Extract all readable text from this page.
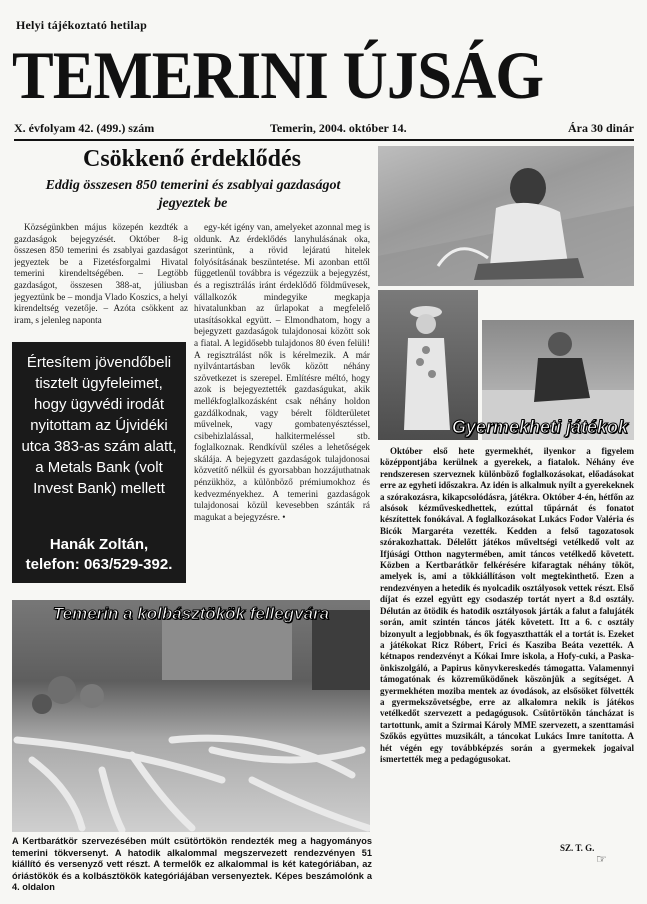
Helyi tájékoztató hetilap
TEMERINI ÚJSÁG
X. évfolyam 42. (499.) szám	Temerin, 2004. október 14.	Ára 30 dinár
Csökkenő érdeklődés
Eddig összesen 850 temerini és zsablyai gazdaságot jegyeztek be

Községünkben május közepén kezdték a gazdaságok bejegyzését. Október 8-ig összesen 850 temerini és zsablyai gazdaságot jegyeztek be a Fizetésforgalmi Hivatal temerini kirendeltségében. – Legtöbb gazdaságot, összesen 388-at, júliusban jegyeztünk be – mondja Vlado Koszics, a helyi kirendeltség vezetője. – Azóta csökkent az iram, s jelenleg naponta

egy-két igény van, amelyeket azonnal meg is oldunk. Az érdeklődés lanyhulásának oka, szerintünk, a rövid lejáratú hitelek folyósításának beszüntetése. Mi azonban ettől függetlenül továbbra is végezzük a bejegyzést, és a regisztrálás iránt érdeklődő földművesek, vállalkozók mindegyike megkapja hivatalunkban az űrlapokat a megfelelő utasításokkal együtt. – Elmondhatom, hogy a bejegyzett gazdaságok tulajdonosai között sok a fiatal. A legidősebb tulajdonos 80 éven felüli! A regisztrálást nők is kérelmezik. A már nyilvántartásban levők között néhány szövetkezet is szerepel. Említésre méltó, hogy azok is bejegyeztették gazdaságukat, akik mellékfoglalkozásként csak néhány holdon gazdálkodnak, vagy bérelt földterületet művelnek, vagy gombatenyésztéssel, csibehizlalással, halkitermeléssel stb. foglalkoznak. Rendkívül széles a lehetőségek skálája. A bejegyzett gazdaságok tulajdonosai közvetítő nélkül és gyorsabban hozzájuthatnak pénzükhöz, a különböző prémiumokhoz és kedvezményekhez. A temerini gazdaságok tulajdonosai közül kevesebben szánták rá magukat a bejegyzésre. •

Értesítem jövendőbeli tisztelt ügyfeleimet, hogy ügyvédi irodát nyitottam az Újvidéki utca 383-as szám alatt, a Metals Bank (volt Invest Bank) mellett
Hanák Zoltán,
telefon: 063/529-392.
Gyermekheti játékok

Október első hete gyermekhét, ilyenkor a figyelem középpontjába kerülnek a gyerekek, a fiatalok. Néhány éve rendszeresen szerveznek különböző foglalkozásokat, előadásokat erre az egyheti időszakra. Az idén is alkalmuk nyílt a gyerekeknek a szórakozásra, kikapcsolódásra, játékra. Október 4-én, hétfőn az alsósok kézműveskedhettek, ezúttal tűpárnát és fonatot készítettek fonókával. A foglalkozásokat Lukács Fodor Valéria és Bicók Margaréta vezették. Kedden a felső tagozatosok szórakozhattak. Délelőtt játékos műveltségi vetélkedő volt az Ifjúsági Otthon nagytermében, amit táncos vetélkedő követett. Közben a Kertbarátkör felkérésére kifaragtak néhány tököt, amelyek is, ami a tökkiállításon volt megtekinthető. Ezen a rendezvényen a hetedik és nyolcadik osztályosok vettek részt. Első díjat és ezzel együtt egy csodaszép tortát nyert a 8.d osztály. Délután az ötödik és hatodik osztályosok járták a falut a falujáték során, amit szintén táncos játék követett. Itt a 6. c osztály bizonyult a legjobbnak, és ők fogyaszthatták el a tortát is. Ezeket a játékokat Ricz Róbert, Frici és Kasziba Beáta vezették. A kétnapos rendezvényt a Kókai Imre iskola, a Hofy-cuki, a Paska-önkiszolgáló, a Papirus könyvkereskedés támogatta. Valamennyi támogatónak és közreműködőnek köszönjük a segítséget. A gyermekhéten moziba mentek az óvodások, az elsősöket fölvették a gyermekszövetségbe, erre az alkalomra nekik is játékos vetélkedőt szervezett a pedagógusok. Csütörtökön táncházat is tartottunk, amit a Szirmai Károly MME szervezett, a szenttamási Szőkös együttes muzsikált, a táncokat Lukács Imre tanította. A hét végén egy továbbképzés során a gyermekek jogaival ismertették meg a pedagógusokat.

SZ. T. G.
☞
Temerin a kolbásztökök fellegvára
A Kertbarátkör szervezésében múlt csütörtökön rendezték meg a hagyományos temerini tökversenyt. A hatodik alkalommal megszervezett rendezvényen 51 kiállító és versenyző vett részt. A termelők ez alkalommal is két kategóriában, az óriástökök és a kolbásztökök kategóriájában versenyeztek. Képes beszámolónk a 4. oldalon
